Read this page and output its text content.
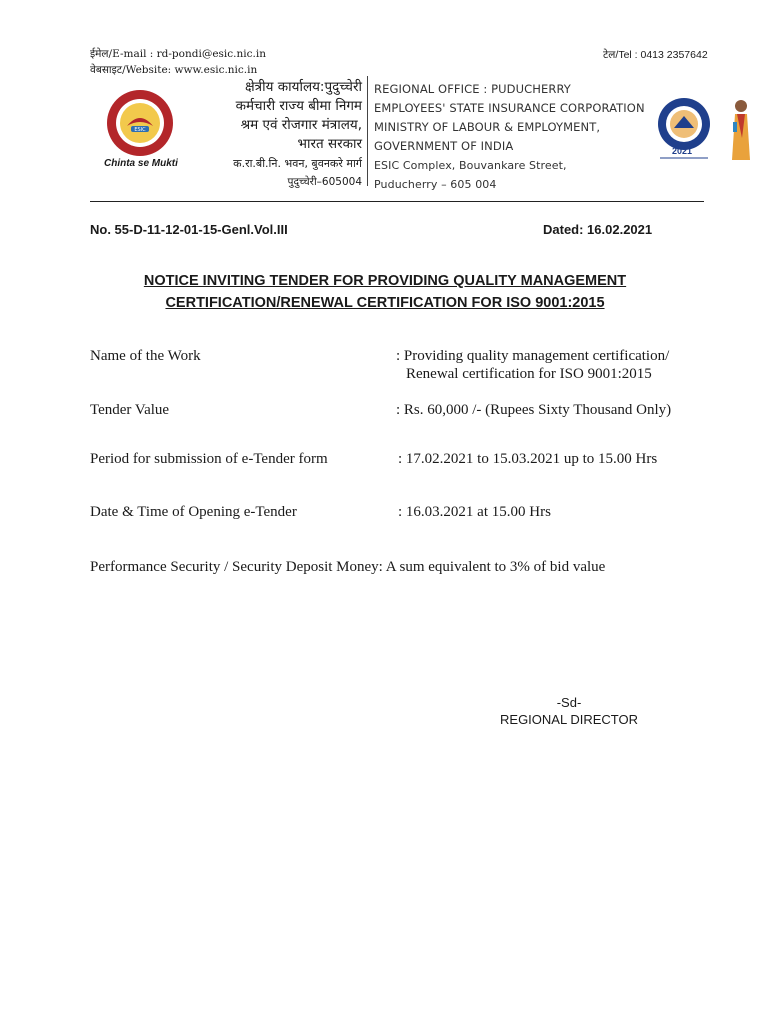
ईमेल/E-mail : rd-pondi@esic.nic.in
वेबसाइट/Website: www.esic.nic.in
टेल/Tel : 0413 2357642
ESIC
Chinta se Mukti
क्षेत्रीय कार्यालय:पुदुच्चेरी
कर्मचारी राज्य बीमा निगम
श्रम एवं रोजगार मंत्रालय,
भारत सरकार
क.रा.बी.नि. भवन, बुवनकरे मार्ग
पुदुच्चेरी–605004
REGIONAL OFFICE : PUDUCHERRY
EMPLOYEES' STATE INSURANCE CORPORATION
MINISTRY OF LABOUR & EMPLOYMENT,
GOVERNMENT OF INDIA
ESIC Complex, Bouvankare Street,
Puducherry – 605 004
2021
No. 55-D-11-12-01-15-Genl.Vol.III	Dated: 16.02.2021
NOTICE INVITING TENDER FOR PROVIDING QUALITY MANAGEMENT
CERTIFICATION/RENEWAL CERTIFICATION FOR ISO 9001:2015
Name of the Work	: Providing quality management certification/
Renewal certification for ISO 9001:2015
Tender Value	: Rs. 60,000 /- (Rupees Sixty Thousand Only)
Period for submission of e-Tender form	: 17.02.2021 to 15.03.2021 up to 15.00 Hrs
Date & Time of Opening e-Tender	: 16.03.2021 at 15.00 Hrs
Performance Security / Security Deposit Money: A sum equivalent to 3% of bid value
-Sd-
REGIONAL DIRECTOR
